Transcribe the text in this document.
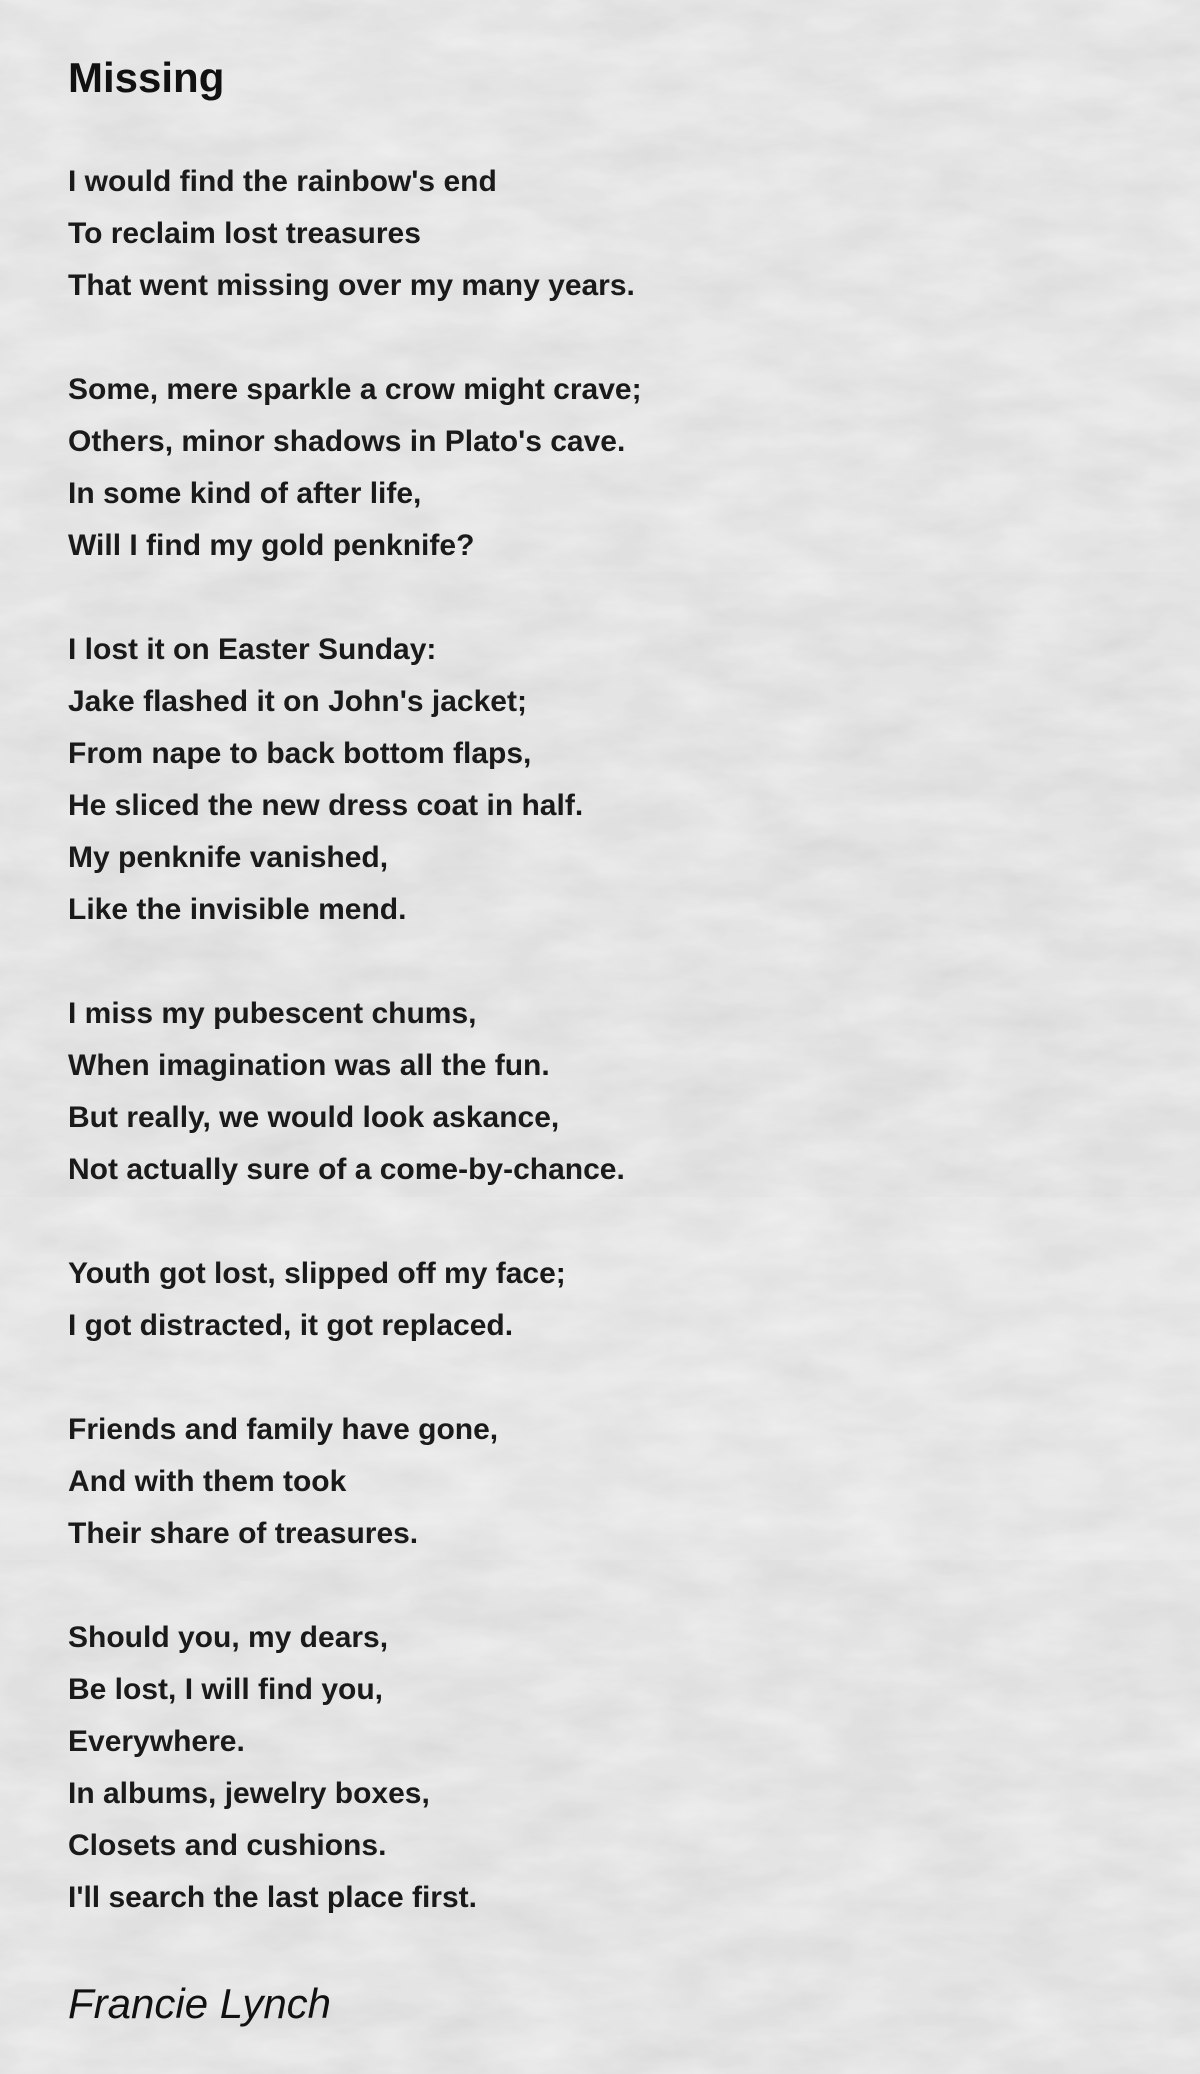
Missing
I would find the rainbow's end
To reclaim lost treasures
That went missing over my many years.
Some, mere sparkle a crow might crave;
Others, minor shadows in Plato's cave.
In some kind of after life,
Will I find my gold penknife?
I lost it on Easter Sunday:
Jake flashed it on John's jacket;
From nape to back bottom flaps,
He sliced the new dress coat in half.
My penknife vanished,
Like the invisible mend.
I miss my pubescent chums,
When imagination was all the fun.
But really, we would look askance,
Not actually sure of a come-by-chance.
Youth got lost, slipped off my face;
I got distracted, it got replaced.
Friends and family have gone,
And with them took
Their share of treasures.
Should you, my dears,
Be lost, I will find you,
Everywhere.
In albums, jewelry boxes,
Closets and cushions.
I'll search the last place first.
Francie Lynch
